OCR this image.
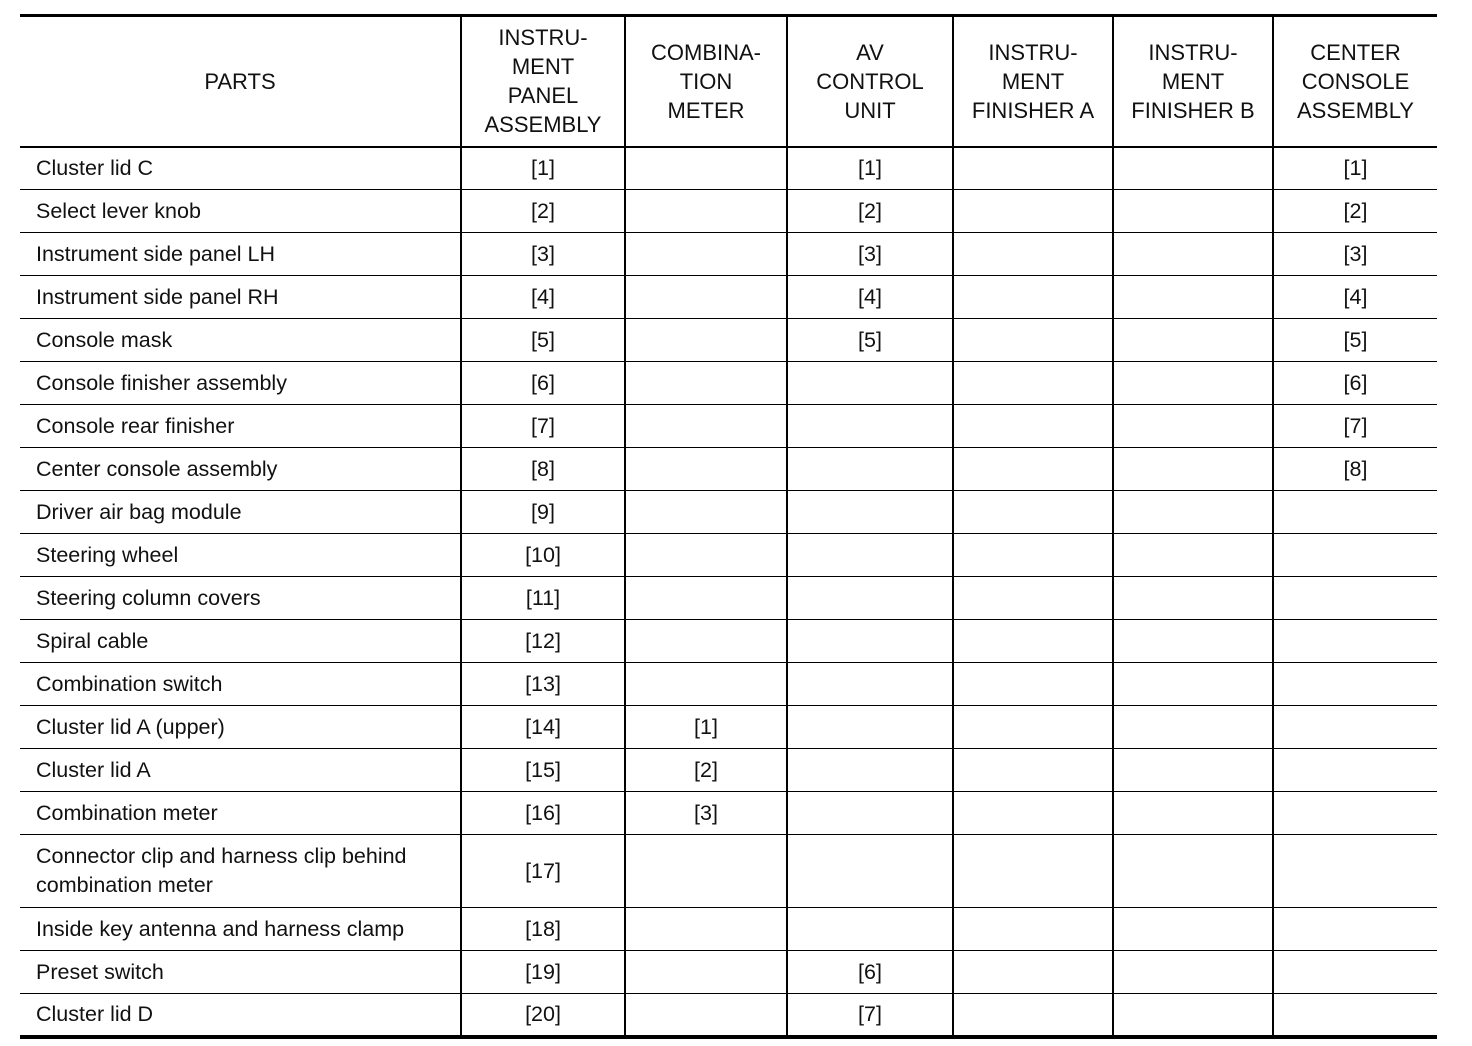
PARTS	INSTRU-
MENT
PANEL
ASSEMBLY	COMBINA-
TION
METER	AV
CONTROL
UNIT	INSTRU-
MENT
FINISHER A	INSTRU-
MENT
FINISHER B	CENTER
CONSOLE
ASSEMBLY
Cluster lid C	[1]		[1]			[1]
Select lever knob	[2]		[2]			[2]
Instrument side panel LH	[3]		[3]			[3]
Instrument side panel RH	[4]		[4]			[4]
Console mask	[5]		[5]			[5]
Console finisher assembly	[6]					[6]
Console rear finisher	[7]					[7]
Center console assembly	[8]					[8]
Driver air bag module	[9]					
Steering wheel	[10]					
Steering column covers	[11]					
Spiral cable	[12]					
Combination switch	[13]					
Cluster lid A (upper)	[14]	[1]				
Cluster lid A	[15]	[2]				
Combination meter	[16]	[3]				
Connector clip and harness clip behind combination meter	[17]					
Inside key antenna and harness clamp	[18]					
Preset switch	[19]		[6]			
Cluster lid D	[20]		[7]			
